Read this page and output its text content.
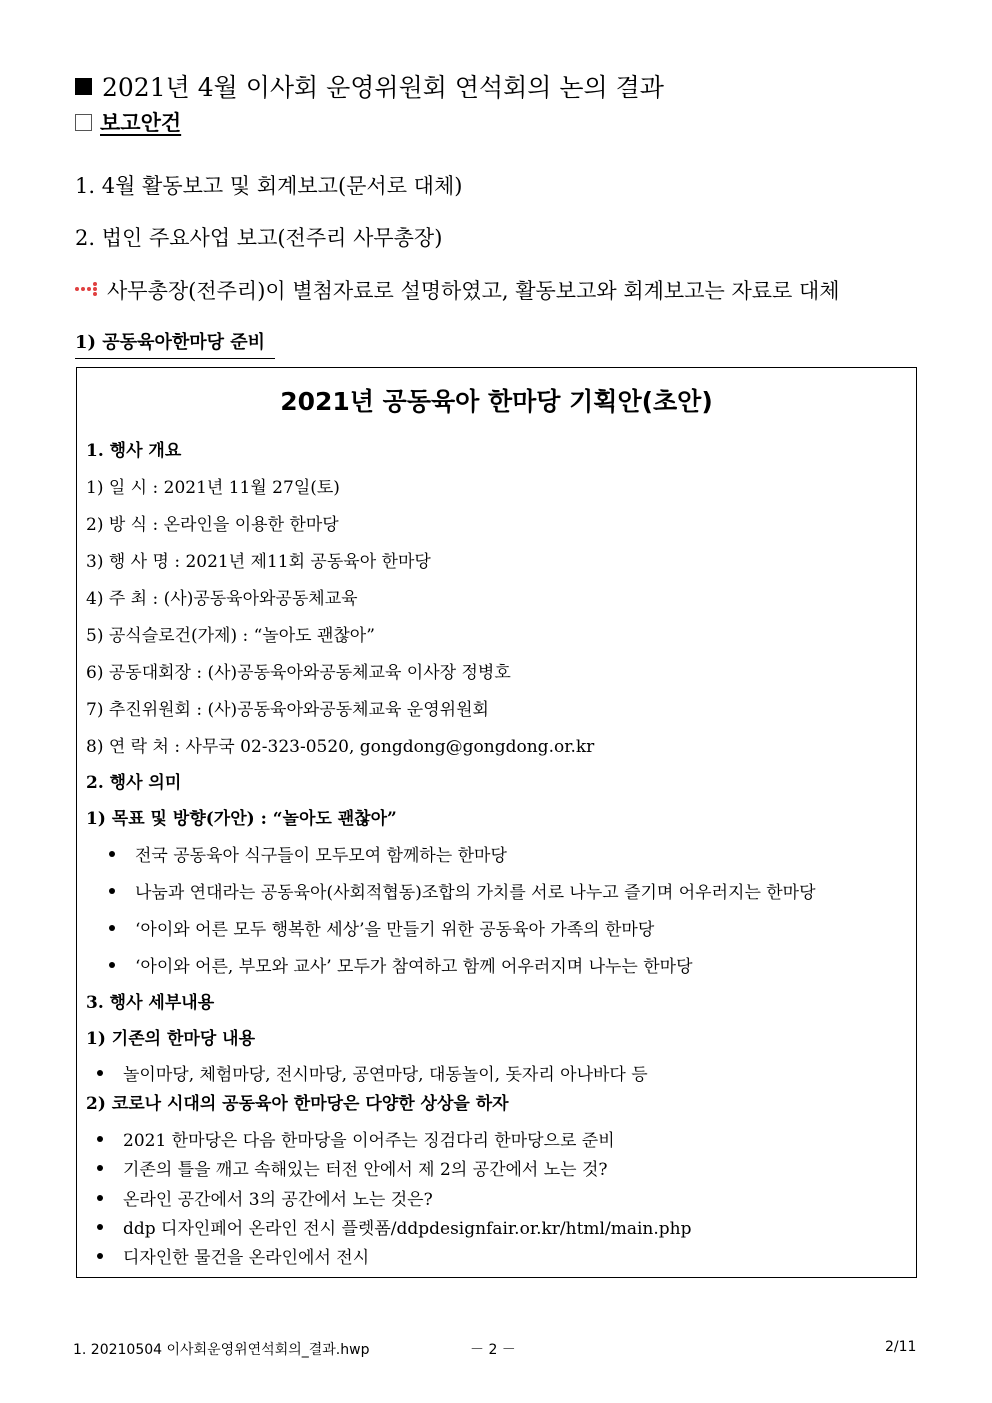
2021년 4월 이사회 운영위원회 연석회의 논의 결과
보고안건
1. 4월 활동보고 및 회계보고(문서로 대체)
2. 법인 주요사업 보고(전주리 사무총장)
사무총장(전주리)이 별첨자료로 설명하였고, 활동보고와 회계보고는 자료로 대체
1) 공동육아한마당 준비
2021년 공동육아 한마당 기획안(초안)
1. 행사 개요
1) 일 시 : 2021년 11월 27일(토)
2) 방 식 : 온라인을 이용한 한마당
3) 행 사 명 : 2021년 제11회 공동육아 한마당
4) 주 최 : (사)공동육아와공동체교육
5) 공식슬로건(가제) : “놀아도 괜찮아”
6) 공동대회장 : (사)공동육아와공동체교육 이사장 정병호
7) 추진위원회 : (사)공동육아와공동체교육 운영위원회
8) 연 락 처 : 사무국 02-323-0520, gongdong@gongdong.or.kr
2. 행사 의미
1) 목표 및 방향(가안) : “놀아도 괜찮아”
전국 공동육아 식구들이 모두모여 함께하는 한마당
나눔과 연대라는 공동육아(사회적협동)조합의 가치를 서로 나누고 즐기며 어우러지는 한마당
‘아이와 어른 모두 행복한 세상’을 만들기 위한 공동육아 가족의 한마당
‘아이와 어른, 부모와 교사’ 모두가 참여하고 함께 어우러지며 나누는 한마당
3. 행사 세부내용
1) 기존의 한마당 내용
놀이마당, 체험마당, 전시마당, 공연마당, 대동놀이, 돗자리 아나바다 등
2) 코로나 시대의 공동육아 한마당은 다양한 상상을 하자
2021 한마당은 다음 한마당을 이어주는 징검다리 한마당으로 준비
기존의 틀을 깨고 속해있는 터전 안에서 제 2의 공간에서 노는 것?
온라인 공간에서 3의 공간에서 노는 것은?
ddp 디자인페어 온라인 전시 플렛폼/ddpdesignfair.or.kr/html/main.php
디자인한 물건을 온라인에서 전시
1. 20210504 이사회운영위연석회의_결과.hwp	－ 2 －	2/11
